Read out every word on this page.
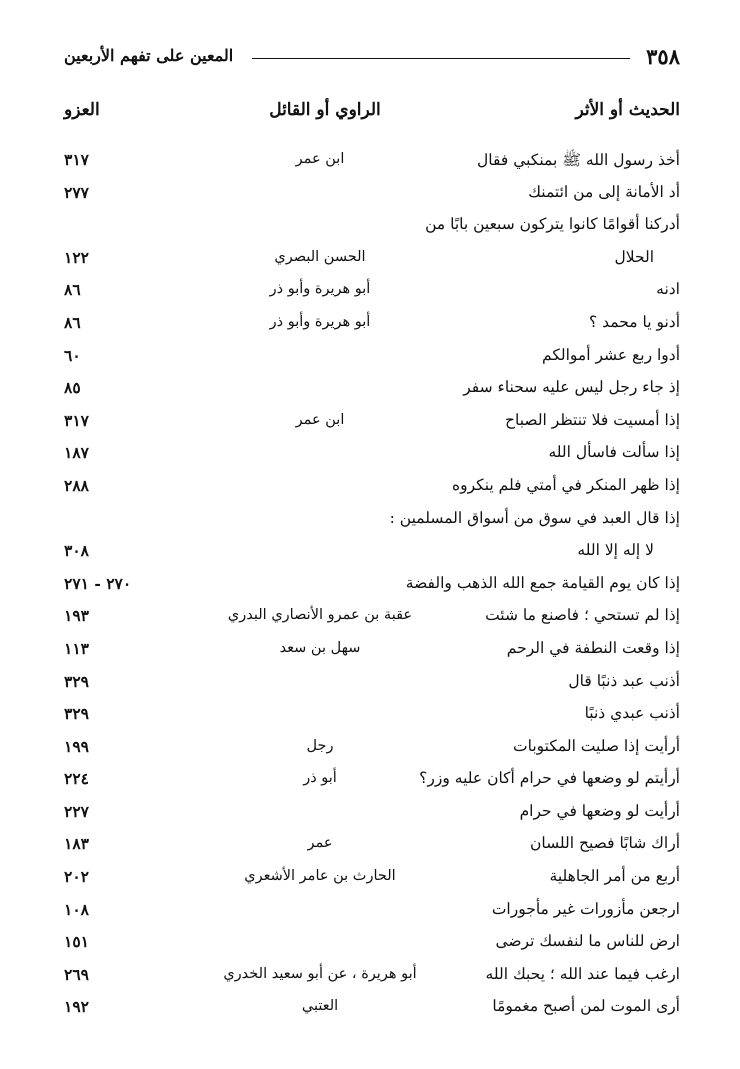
٣٥٨
المعين على تفهم الأربعين
الحديث أو الأثر
الراوي أو القائل
العزو
أخذ رسول الله ﷺ بمنكبي فقال
ابن عمر
٣١٧
أد الأمانة إلى من ائتمنك
٢٧٧
أدركنا أقوامًا كانوا يتركون سبعين بابًا من
الحلال
الحسن البصري
١٢٢
ادنه
أبو هريرة وأبو ذر
٨٦
أدنو يا محمد ؟
أبو هريرة وأبو ذر
٨٦
أدوا ربع عشر أموالكم
٦٠
إذ جاء رجل ليس عليه سحناء سفر
٨٥
إذا أمسيت فلا تنتظر الصباح
ابن عمر
٣١٧
إذا سألت فاسأل الله
١٨٧
إذا ظهر المنكر في أمتي فلم ينكروه
٢٨٨
إذا قال العبد في سوق من أسواق المسلمين :
لا إله إلا الله
٣٠٨
إذا كان يوم القيامة جمع الله الذهب والفضة
٢٧٠ - ٢٧١
إذا لم تستحي ؛ فاصنع ما شئت
عقبة بن عمرو الأنصاري البدري
١٩٣
إذا وقعت النطفة في الرحم
سهل بن سعد
١١٣
أذنب عبد ذنبًا قال
٣٢٩
أذنب عبدي ذنبًا
٣٢٩
أرأيت إذا صليت المكتوبات
رجل
١٩٩
أرأيتم لو وضعها في حرام أكان عليه وزر؟
أبو ذر
٢٢٤
أرأيت لو وضعها في حرام
٢٢٧
أراك شابًا فصيح اللسان
عمر
١٨٣
أربع من أمر الجاهلية
الحارث بن عامر الأشعري
٢٠٢
ارجعن مأزورات غير مأجورات
١٠٨
ارض للناس ما لنفسك ترضى
١٥١
ارغب فيما عند الله ؛ يحبك الله
أبو هريرة ، عن أبو سعيد الخدري
٢٦٩
أرى الموت لمن أصبح مغمومًا
العتبي
١٩٢
